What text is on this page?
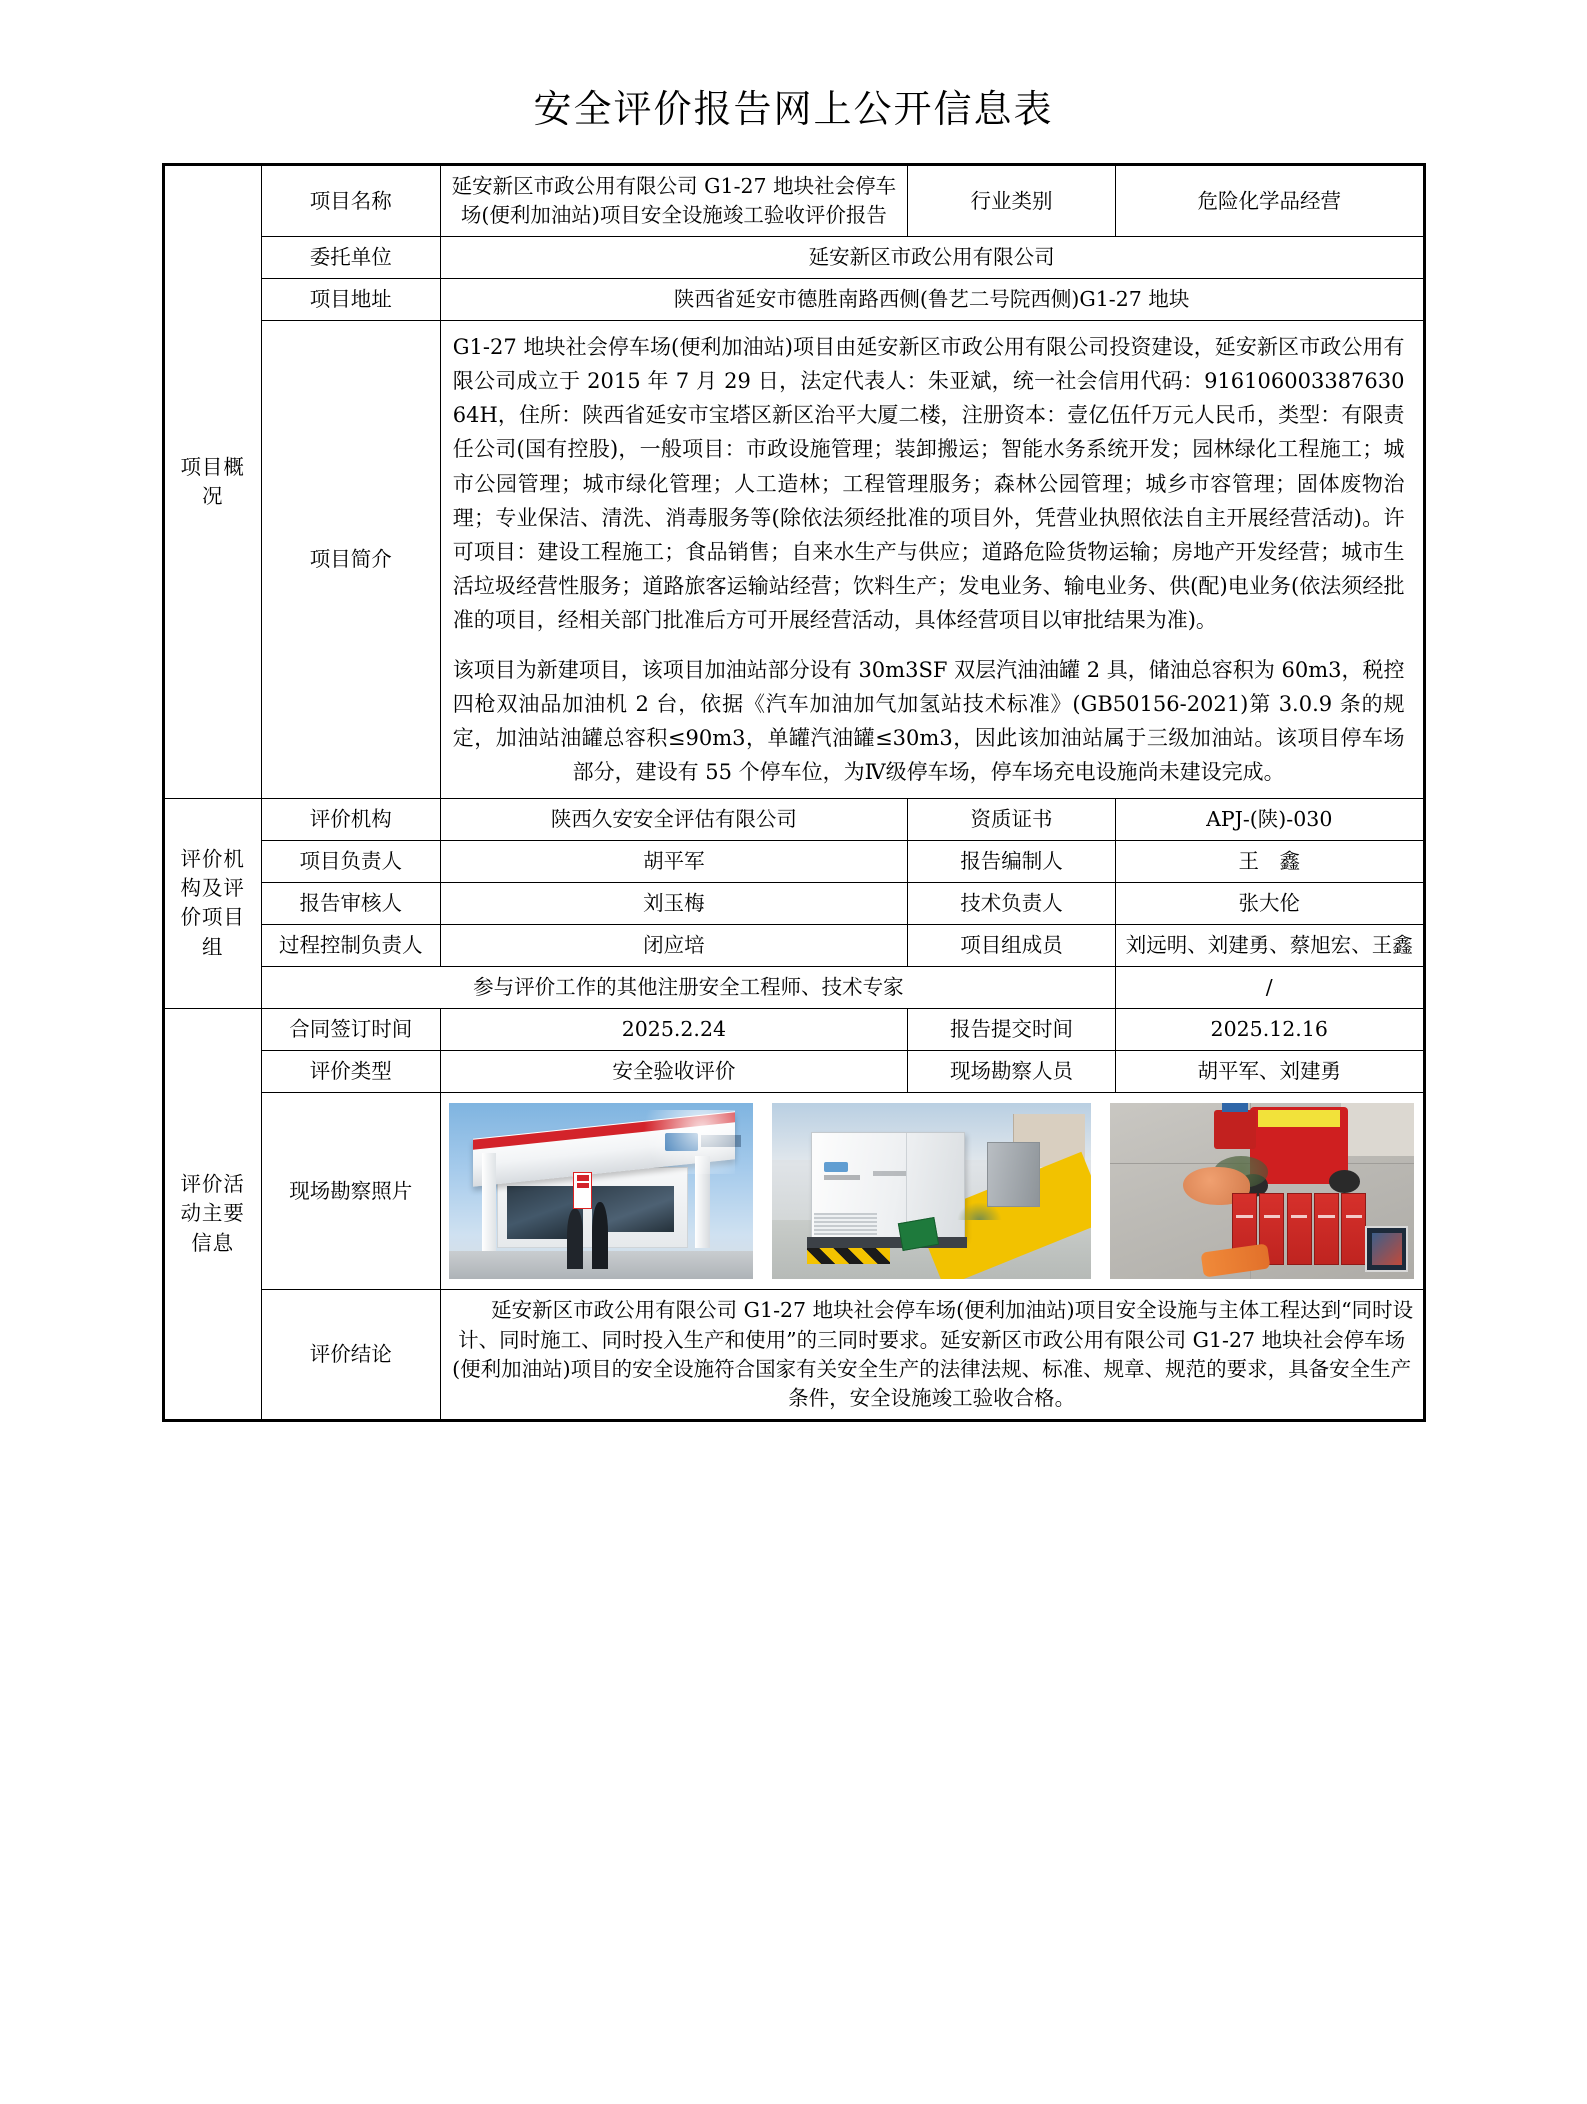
安全评价报告网上公开信息表
项目概况	项目名称	延安新区市政公用有限公司 G1-27 地块社会停车场(便利加油站)项目安全设施竣工验收评价报告	行业类别	危险化学品经营
	委托单位	延安新区市政公用有限公司		
	项目地址	陕西省延安市德胜南路西侧(鲁艺二号院西侧)G1-27 地块		
	项目简介	G1-27 地块社会停车场(便利加油站)项目由延安新区市政公用有限公司投资建设，延安新区市政公用有限公司成立于 2015 年 7 月 29 日，法定代表人：朱亚斌，统一社会信用代码：91610600338763064H，住所：陕西省延安市宝塔区新区治平大厦二楼，注册资本：壹亿伍仟万元人民币，类型：有限责任公司(国有控股)，一般项目：市政设施管理；装卸搬运；智能水务系统开发；园林绿化工程施工；城市公园管理；城市绿化管理；人工造林；工程管理服务；森林公园管理；城乡市容管理；固体废物治理；专业保洁、清洗、消毒服务等(除依法须经批准的项目外，凭营业执照依法自主开展经营活动)。许可项目：建设工程施工；食品销售；自来水生产与供应；道路危险货物运输；房地产开发经营；城市生活垃圾经营性服务；道路旅客运输站经营；饮料生产；发电业务、输电业务、供(配)电业务(依法须经批准的项目，经相关部门批准后方可开展经营活动，具体经营项目以审批结果为准)。

该项目为新建项目，该项目加油站部分设有 30m3SF 双层汽油油罐 2 具，储油总容积为 60m3，税控四枪双油品加油机 2 台，依据《汽车加油加气加氢站技术标准》(GB50156-2021)第 3.0.9 条的规定，加油站油罐总容积≤90m3，单罐汽油罐≤30m3，因此该加油站属于三级加油站。该项目停车场部分，建设有 55 个停车位，为Ⅳ级停车场，停车场充电设施尚未建设完成。		

评价机构及评价项目组	评价机构	陕西久安安全评估有限公司	资质证书	APJ-(陕)-030
	项目负责人	胡平军	报告编制人	王　鑫
	报告审核人	刘玉梅	技术负责人	张大伦
	过程控制负责人	闭应培	项目组成员	刘远明、刘建勇、蔡旭宏、王鑫
	参与评价工作的其他注册安全工程师、技术专家			/
评价活动主要信息	合同签订时间	2025.2.24	报告提交时间	2025.12.16
	评价类型	安全验收评价	现场勘察人员	胡平军、刘建勇
	现场勘察照片			

	评价结论	延安新区市政公用有限公司 G1-27 地块社会停车场(便利加油站)项目安全设施与主体工程达到“同时设计、同时施工、同时投入生产和使用”的三同时要求。延安新区市政公用有限公司 G1-27 地块社会停车场(便利加油站)项目的安全设施符合国家有关安全生产的法律法规、标准、规章、规范的要求，具备安全生产条件，安全设施竣工验收合格。		
